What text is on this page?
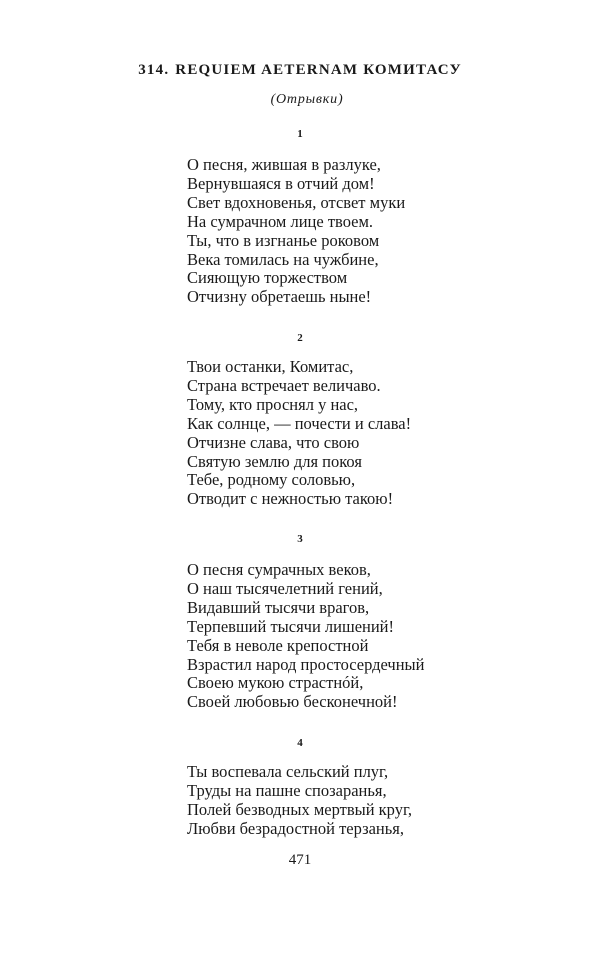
314. REQUIEM AETERNAM КОМИТАСУ
(Отрывки)
1
О песня, жившая в разлуке,
Вернувшаяся в отчий дом!
Свет вдохновенья, отсвет муки
На сумрачном лице твоем.
Ты, что в изгнанье роковом
Века томилась на чужбине,
Сияющую торжеством
Отчизну обретаешь ныне!
2
Твои останки, Комитас,
Страна встречает величаво.
Тому, кто проснял у нас,
Как солнце, — почести и слава!
Отчизне слава, что свою
Святую землю для покоя
Тебе, родному соловью,
Отводит с нежностью такою!
3
О песня сумрачных веков,
О наш тысячелетний гений,
Видавший тысячи врагов,
Терпевший тысячи лишений!
Тебя в неволе крепостной
Взрастил народ простосердечный
Своею мукою страстнóй,
Своей любовью бесконечной!
4
Ты воспевала сельский плуг,
Труды на пашне спозаранья,
Полей безводных мертвый круг,
Любви безрадостной терзанья,
471
